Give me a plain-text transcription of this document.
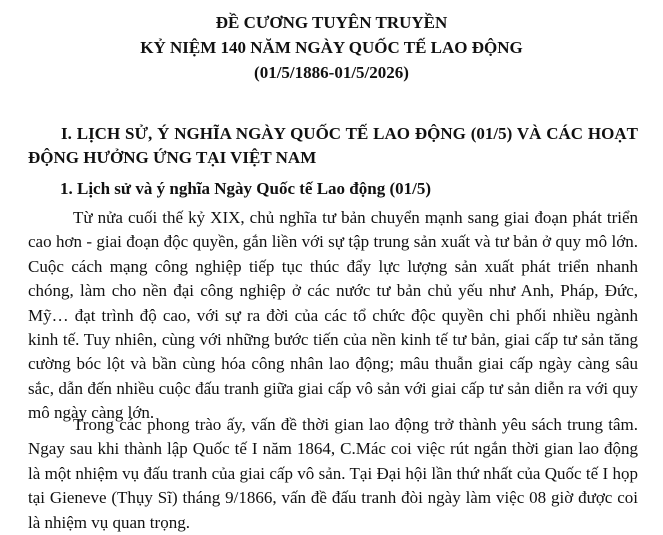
ĐỀ CƯƠNG TUYÊN TRUYỀN
KỶ NIỆM 140 NĂM NGÀY QUỐC TẾ LAO ĐỘNG
(01/5/1886-01/5/2026)
I. LỊCH SỬ, Ý NGHĨA NGÀY QUỐC TẾ LAO ĐỘNG (01/5) VÀ CÁC HOẠT ĐỘNG HƯỞNG ỨNG TẠI VIỆT NAM
1. Lịch sử và ý nghĩa Ngày Quốc tế Lao động (01/5)

Từ nửa cuối thế kỷ XIX, chủ nghĩa tư bản chuyển mạnh sang giai đoạn phát triển cao hơn - giai đoạn độc quyền, gắn liền với sự tập trung sản xuất và tư bản ở quy mô lớn. Cuộc cách mạng công nghiệp tiếp tục thúc đẩy lực lượng sản xuất phát triển nhanh chóng, làm cho nền đại công nghiệp ở các nước tư bản chủ yếu như Anh, Pháp, Đức, Mỹ… đạt trình độ cao, với sự ra đời của các tổ chức độc quyền chi phối nhiều ngành kinh tế. Tuy nhiên, cùng với những bước tiến của nền kinh tế tư bản, giai cấp tư sản tăng cường bóc lột và bần cùng hóa công nhân lao động; mâu thuẫn giai cấp ngày càng sâu sắc, dẫn đến nhiều cuộc đấu tranh giữa giai cấp vô sản với giai cấp tư sản diễn ra với quy mô ngày càng lớn.

Trong các phong trào ấy, vấn đề thời gian lao động trở thành yêu sách trung tâm. Ngay sau khi thành lập Quốc tế I năm 1864, C.Mác coi việc rút ngắn thời gian lao động là một nhiệm vụ đấu tranh của giai cấp vô sản. Tại Đại hội lần thứ nhất của Quốc tế I họp tại Gieneve (Thụy Sĩ) tháng 9/1866, vấn đề đấu tranh đòi ngày làm việc 08 giờ được coi là nhiệm vụ quan trọng.
